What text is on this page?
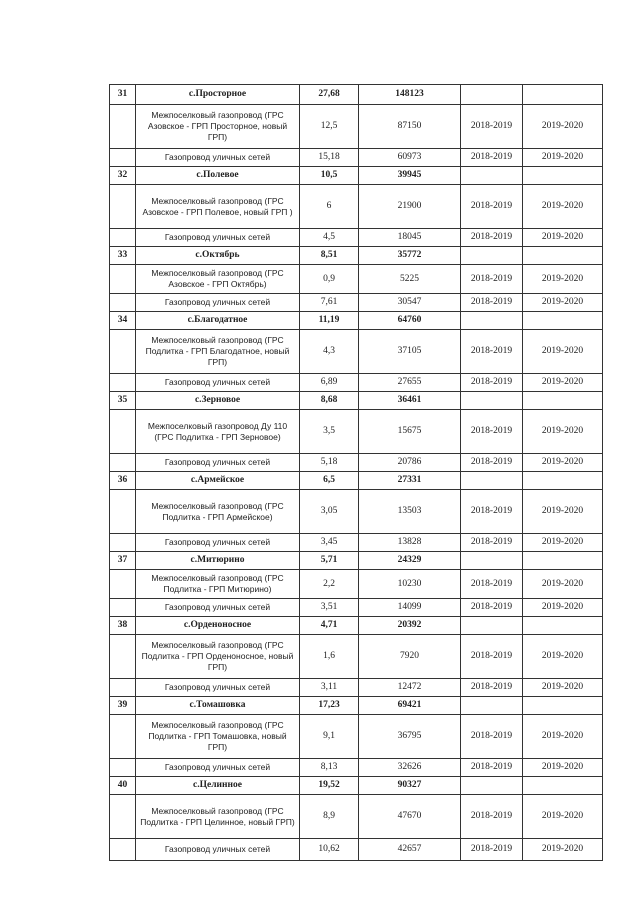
31	с.Просторное	27,68	148123		
	Межпоселковый газопровод (ГРС Азовское - ГРП Просторное, новый ГРП)	12,5	87150	2018-2019	2019-2020
	Газопровод уличных сетей	15,18	60973	2018-2019	2019-2020
32	с.Полевое	10,5	39945		
	Межпоселковый газопровод (ГРС Азовское - ГРП Полевое, новый ГРП )	6	21900	2018-2019	2019-2020
	Газопровод уличных сетей	4,5	18045	2018-2019	2019-2020
33	с.Октябрь	8,51	35772		
	Межпоселковый газопровод (ГРС Азовское - ГРП Октябрь)	0,9	5225	2018-2019	2019-2020
	Газопровод уличных сетей	7,61	30547	2018-2019	2019-2020
34	с.Благодатное	11,19	64760		
	Межпоселковый газопровод (ГРС Подлитка - ГРП Благодатное, новый ГРП)	4,3	37105	2018-2019	2019-2020
	Газопровод уличных сетей	6,89	27655	2018-2019	2019-2020
35	с.Зерновое	8,68	36461		
	Межпоселковый газопровод Ду 110 (ГРС Подлитка - ГРП Зерновое)	3,5	15675	2018-2019	2019-2020
	Газопровод уличных сетей	5,18	20786	2018-2019	2019-2020
36	с.Армейское	6,5	27331		
	Межпоселковый газопровод (ГРС Подлитка - ГРП Армейское)	3,05	13503	2018-2019	2019-2020
	Газопровод уличных сетей	3,45	13828	2018-2019	2019-2020
37	с.Митюрино	5,71	24329		
	Межпоселковый газопровод (ГРС Подлитка - ГРП Митюрино)	2,2	10230	2018-2019	2019-2020
	Газопровод уличных сетей	3,51	14099	2018-2019	2019-2020
38	с.Орденоносное	4,71	20392		
	Межпоселковый газопровод (ГРС Подлитка - ГРП Орденоносное, новый ГРП)	1,6	7920	2018-2019	2019-2020
	Газопровод уличных сетей	3,11	12472	2018-2019	2019-2020
39	с.Томашовка	17,23	69421		
	Межпоселковый газопровод (ГРС Подлитка - ГРП Томашовка, новый ГРП)	9,1	36795	2018-2019	2019-2020
	Газопровод уличных сетей	8,13	32626	2018-2019	2019-2020
40	с.Целинное	19,52	90327		
	Межпоселковый газопровод (ГРС Подлитка - ГРП Целинное, новый ГРП)	8,9	47670	2018-2019	2019-2020
	Газопровод уличных сетей	10,62	42657	2018-2019	2019-2020
